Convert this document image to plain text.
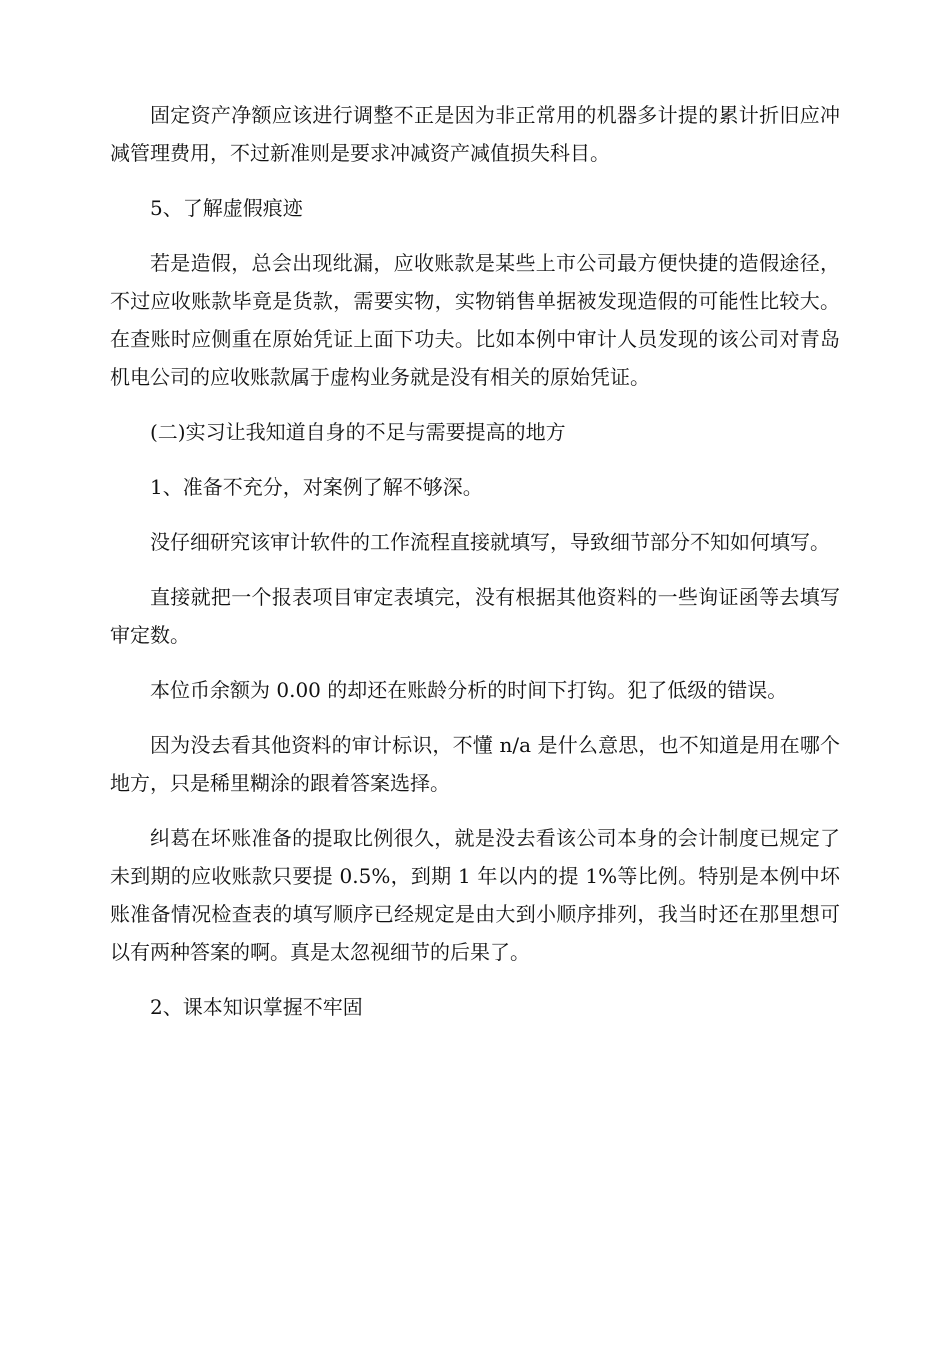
固定资产净额应该进行调整不正是因为非正常用的机器多计提的累计折旧应冲减管理费用，不过新准则是要求冲减资产减值损失科目。

5、了解虚假痕迹

若是造假，总会出现纰漏，应收账款是某些上市公司最方便快捷的造假途径，不过应收账款毕竟是货款，需要实物，实物销售单据被发现造假的可能性比较大。在查账时应侧重在原始凭证上面下功夫。比如本例中审计人员发现的该公司对青岛机电公司的应收账款属于虚构业务就是没有相关的原始凭证。

(二)实习让我知道自身的不足与需要提高的地方

1、准备不充分，对案例了解不够深。

没仔细研究该审计软件的工作流程直接就填写，导致细节部分不知如何填写。

直接就把一个报表项目审定表填完，没有根据其他资料的一些询证函等去填写审定数。

本位币余额为 0.00 的却还在账龄分析的时间下打钩。犯了低级的错误。

因为没去看其他资料的审计标识，不懂 n/a 是什么意思，也不知道是用在哪个地方，只是稀里糊涂的跟着答案选择。

纠葛在坏账准备的提取比例很久，就是没去看该公司本身的会计制度已规定了未到期的应收账款只要提 0.5%，到期 1 年以内的提 1%等比例。特别是本例中坏账准备情况检查表的填写顺序已经规定是由大到小顺序排列，我当时还在那里想可以有两种答案的啊。真是太忽视细节的后果了。

2、课本知识掌握不牢固
